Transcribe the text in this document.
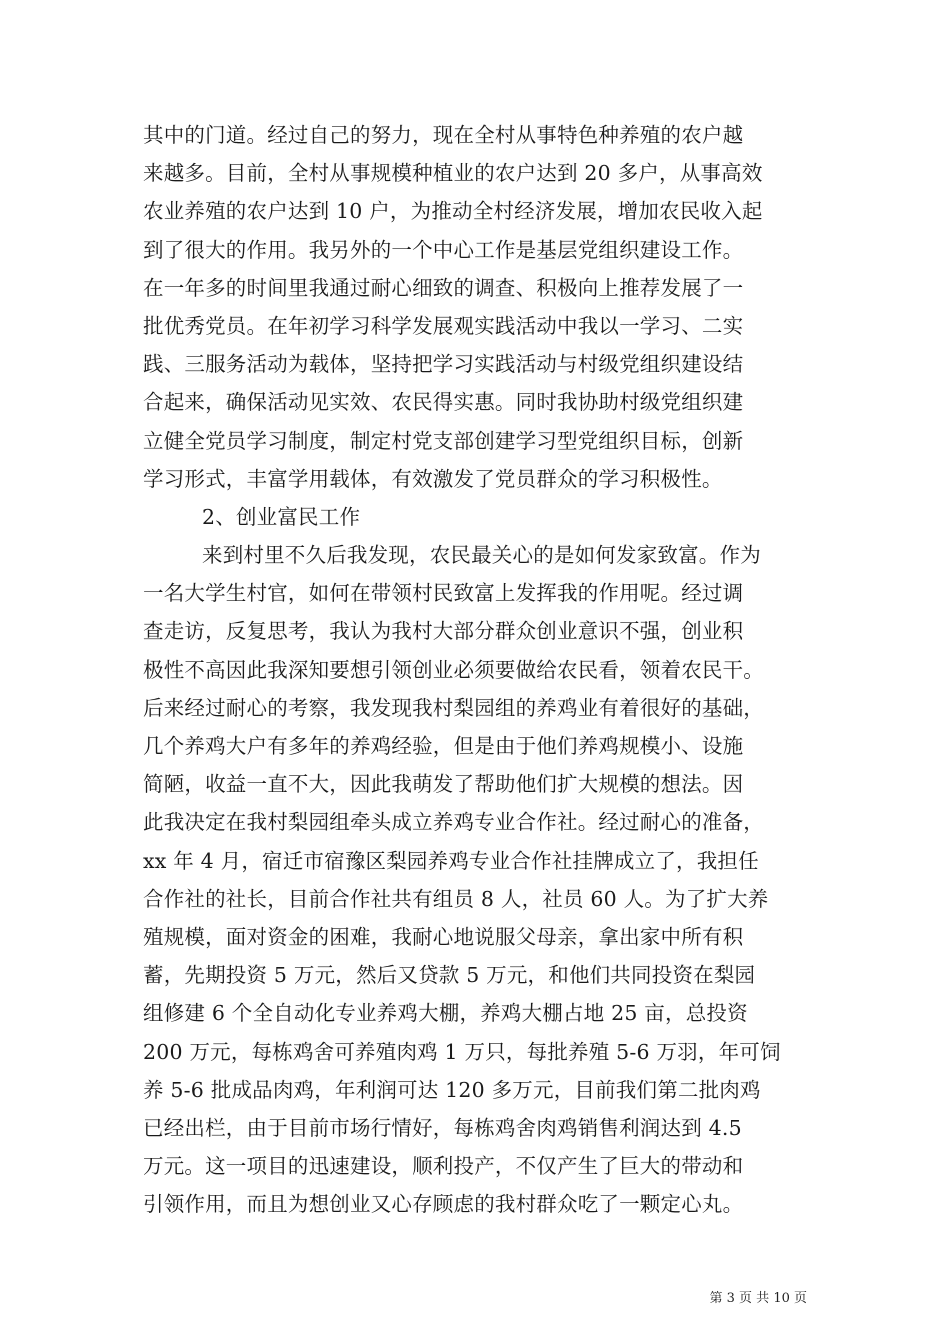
其中的门道。经过自己的努力，现在全村从事特色种养殖的农户越
来越多。目前，全村从事规模种植业的农户达到 20 多户，从事高效
农业养殖的农户达到 10 户，为推动全村经济发展，增加农民收入起
到了很大的作用。我另外的一个中心工作是基层党组织建设工作。
在一年多的时间里我通过耐心细致的调查、积极向上推荐发展了一
批优秀党员。在年初学习科学发展观实践活动中我以一学习、二实
践、三服务活动为载体，坚持把学习实践活动与村级党组织建设结
合起来，确保活动见实效、农民得实惠。同时我协助村级党组织建
立健全党员学习制度，制定村党支部创建学习型党组织目标，创新
学习形式，丰富学用载体，有效激发了党员群众的学习积极性。
2、创业富民工作
来到村里不久后我发现，农民最关心的是如何发家致富。作为
一名大学生村官，如何在带领村民致富上发挥我的作用呢。经过调
查走访，反复思考，我认为我村大部分群众创业意识不强，创业积
极性不高因此我深知要想引领创业必须要做给农民看，领着农民干。
后来经过耐心的考察，我发现我村梨园组的养鸡业有着很好的基础，
几个养鸡大户有多年的养鸡经验，但是由于他们养鸡规模小、设施
简陋，收益一直不大，因此我萌发了帮助他们扩大规模的想法。因
此我决定在我村梨园组牵头成立养鸡专业合作社。经过耐心的准备，
xx 年 4 月，宿迁市宿豫区梨园养鸡专业合作社挂牌成立了，我担任
合作社的社长，目前合作社共有组员 8 人，社员 60 人。为了扩大养
殖规模，面对资金的困难，我耐心地说服父母亲，拿出家中所有积
蓄，先期投资 5 万元，然后又贷款 5 万元，和他们共同投资在梨园
组修建 6 个全自动化专业养鸡大棚，养鸡大棚占地 25 亩，总投资
200 万元，每栋鸡舍可养殖肉鸡 1 万只，每批养殖 5-6 万羽，年可饲
养 5-6 批成品肉鸡，年利润可达 120 多万元，目前我们第二批肉鸡
已经出栏，由于目前市场行情好，每栋鸡舍肉鸡销售利润达到 4.5
万元。这一项目的迅速建设，顺利投产，不仅产生了巨大的带动和
引领作用，而且为想创业又心存顾虑的我村群众吃了一颗定心丸。
第 3 页 共 10 页
